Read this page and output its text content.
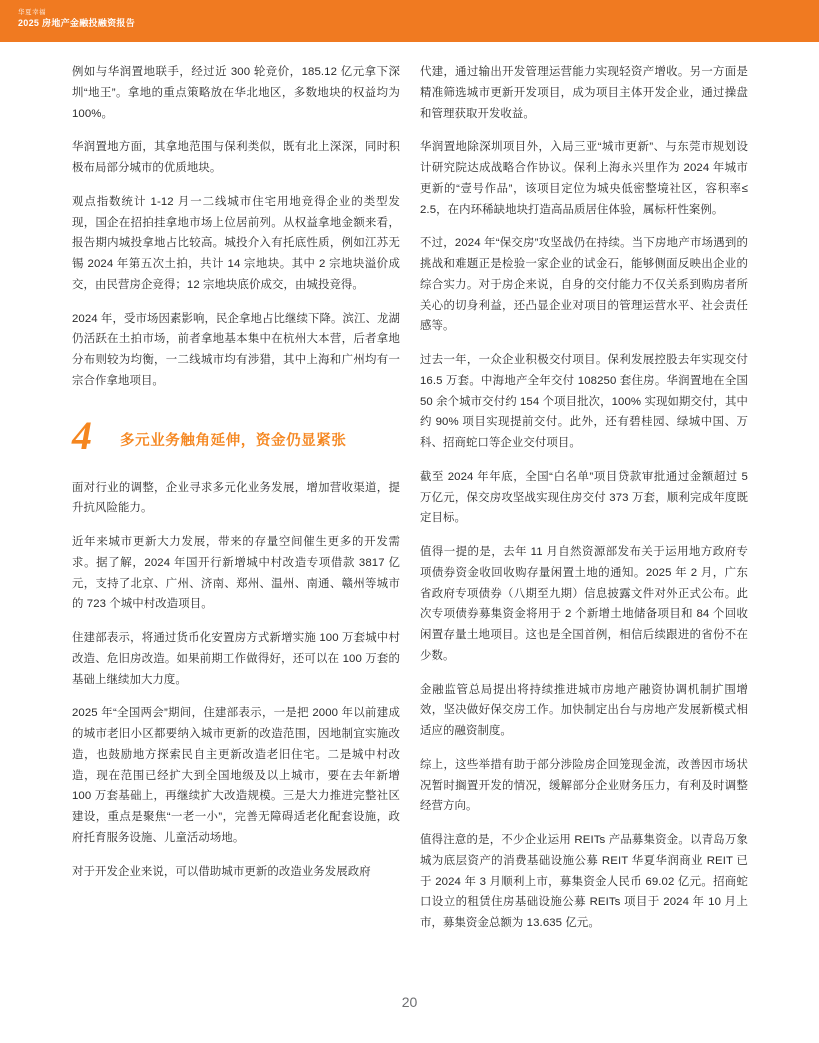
华夏幸福
2025 房地产金融投融资报告

例如与华润置地联手，经过近 300 轮竞价，185.12 亿元拿下深圳“地王”。拿地的重点策略放在华北地区，多数地块的权益均为 100%。

华润置地方面，其拿地范围与保利类似，既有北上深深，同时积极布局部分城市的优质地块。

观点指数统计 1-12 月一二线城市住宅用地竞得企业的类型发现，国企在招拍挂拿地市场上位居前列。从权益拿地金额来看，报告期内城投拿地占比较高。城投介入有托底性质，例如江苏无锡 2024 年第五次土拍，共计 14 宗地块。其中 2 宗地块溢价成交，由民营房企竞得；12 宗地块底价成交，由城投竞得。

2024 年，受市场因素影响，民企拿地占比继续下降。滨江、龙湖仍活跃在土拍市场，前者拿地基本集中在杭州大本营，后者拿地分布则较为均衡，一二线城市均有涉猎，其中上海和广州均有一宗合作拿地项目。

4 多元业务触角延伸，资金仍显紧张

面对行业的调整，企业寻求多元化业务发展，增加营收渠道，提升抗风险能力。

近年来城市更新大力发展，带来的存量空间催生更多的开发需求。据了解，2024 年国开行新增城中村改造专项借款 3817 亿元，支持了北京、广州、济南、郑州、温州、南通、赣州等城市的 723 个城中村改造项目。

住建部表示，将通过货币化安置房方式新增实施 100 万套城中村改造、危旧房改造。如果前期工作做得好，还可以在 100 万套的基础上继续加大力度。

2025 年“全国两会”期间，住建部表示，一是把 2000 年以前建成的城市老旧小区都要纳入城市更新的改造范围，因地制宜实施改造，也鼓励地方探索民自主更新改造老旧住宅。二是城中村改造，现在范围已经扩大到全国地级及以上城市，要在去年新增 100 万套基础上，再继续扩大改造规模。三是大力推进完整社区建设，重点是聚焦“一老一小”，完善无障碍适老化配套设施，政府托育服务设施、儿童活动场地。

对于开发企业来说，可以借助城市更新的改造业务发展政府

代建，通过输出开发管理运营能力实现轻资产增收。另一方面是精准筛选城市更新开发项目，成为项目主体开发企业，通过操盘和管理获取开发收益。

华润置地除深圳项目外，入局三亚“城市更新”、与东莞市规划设计研究院达成战略合作协议。保利上海永兴里作为 2024 年城市更新的“壹号作品”，该项目定位为城央低密整境社区，容积率≤ 2.5，在内环稀缺地块打造高品质居住体验，属标杆性案例。

不过，2024 年“保交房”攻坚战仍在持续。当下房地产市场遇到的挑战和难题正是检验一家企业的试金石，能够侧面反映出企业的综合实力。对于房企来说，自身的交付能力不仅关系到购房者所关心的切身利益，还凸显企业对项目的管理运营水平、社会责任感等。

过去一年，一众企业积极交付项目。保利发展控股去年实现交付 16.5 万套。中海地产全年交付 108250 套住房。华润置地在全国 50 余个城市交付约 154 个项目批次，100% 实现如期交付，其中约 90% 项目实现提前交付。此外，还有碧桂园、绿城中国、万科、招商蛇口等企业交付项目。

截至 2024 年年底，全国“白名单”项目贷款审批通过金额超过 5 万亿元，保交房攻坚战实现住房交付 373 万套，顺利完成年度既定目标。

值得一提的是，去年 11 月自然资源部发布关于运用地方政府专项债券资金收回收购存量闲置土地的通知。2025 年 2 月，广东省政府专项债券（八期至九期）信息披露文件对外正式公布。此次专项债券募集资金将用于 2 个新增土地储备项目和 84 个回收闲置存量土地项目。这也是全国首例，相信后续跟进的省份不在少数。

金融监管总局提出将持续推进城市房地产融资协调机制扩围增效，坚决做好保交房工作。加快制定出台与房地产发展新模式相适应的融资制度。

综上，这些举措有助于部分涉险房企回笼现金流，改善因市场状况暂时搁置开发的情况，缓解部分企业财务压力，有利及时调整经营方向。

值得注意的是，不少企业运用 REITs 产品募集资金。以青岛万象城为底层资产的消费基础设施公募 REIT 华夏华润商业 REIT 已于 2024 年 3 月顺利上市，募集资金人民币 69.02 亿元。招商蛇口设立的租赁住房基础设施公募 REITs 项目于 2024 年 10 月上市，募集资金总额为 13.635 亿元。

20
